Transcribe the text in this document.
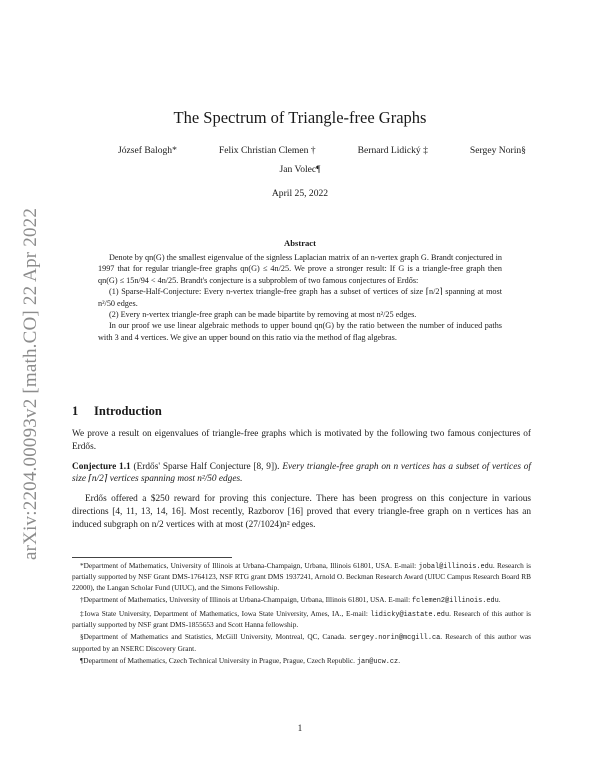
arXiv:2204.00093v2 [math.CO] 22 Apr 2022
The Spectrum of Triangle-free Graphs
József Balogh*	Felix Christian Clemen †	Bernard Lidický ‡	Sergey Norin§
Jan Volec¶
April 25, 2022
Abstract

Denote by qn(G) the smallest eigenvalue of the signless Laplacian matrix of an n-vertex graph G. Brandt conjectured in 1997 that for regular triangle-free graphs qn(G) ≤ 4n/25. We prove a stronger result: If G is a triangle-free graph then qn(G) ≤ 15n/94 < 4n/25. Brandt's conjecture is a subproblem of two famous conjectures of Erdős:

(1) Sparse-Half-Conjecture: Every n-vertex triangle-free graph has a subset of vertices of size ⌈n/2⌉ spanning at most n²/50 edges.

(2) Every n-vertex triangle-free graph can be made bipartite by removing at most n²/25 edges.

In our proof we use linear algebraic methods to upper bound qn(G) by the ratio between the number of induced paths with 3 and 4 vertices. We give an upper bound on this ratio via the method of flag algebras.

1 Introduction

We prove a result on eigenvalues of triangle-free graphs which is motivated by the following two famous conjectures of Erdős.

Conjecture 1.1 (Erdős' Sparse Half Conjecture [8, 9]). Every triangle-free graph on n vertices has a subset of vertices of size ⌈n/2⌉ vertices spanning most n²/50 edges.

Erdős offered a $250 reward for proving this conjecture. There has been progress on this conjecture in various directions [4, 11, 13, 14, 16]. Most recently, Razborov [16] proved that every triangle-free graph on n vertices has an induced subgraph on n/2 vertices with at most (27/1024)n² edges.

*Department of Mathematics, University of Illinois at Urbana-Champaign, Urbana, Illinois 61801, USA. E-mail: jobal@illinois.edu. Research is partially supported by NSF Grant DMS-1764123, NSF RTG grant DMS 1937241, Arnold O. Beckman Research Award (UIUC Campus Research Board RB 22000), the Langan Scholar Fund (UIUC), and the Simons Fellowship.

†Department of Mathematics, University of Illinois at Urbana-Champaign, Urbana, Illinois 61801, USA. E-mail: fclemen2@illinois.edu.

‡Iowa State University, Department of Mathematics, Iowa State University, Ames, IA., E-mail: lidicky@iastate.edu. Research of this author is partially supported by NSF grant DMS-1855653 and Scott Hanna fellowship.

§Department of Mathematics and Statistics, McGill University, Montreal, QC, Canada. sergey.norin@mcgill.ca. Research of this author was supported by an NSERC Discovery Grant.

¶Department of Mathematics, Czech Technical University in Prague, Prague, Czech Republic. jan@ucw.cz.

1
